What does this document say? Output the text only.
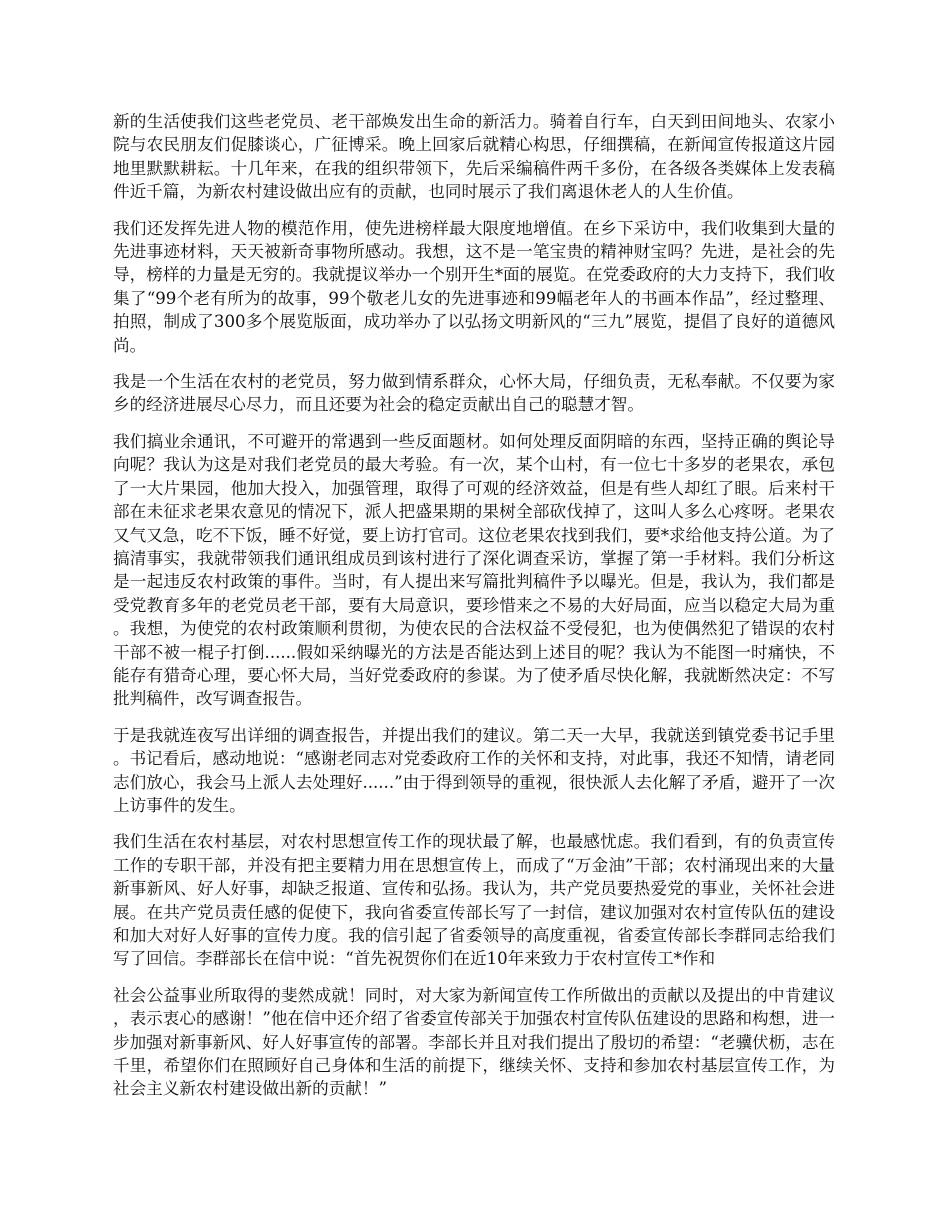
新的生活使我们这些老党员、老干部焕发出生命的新活力。骑着自行车，白天到田间地头、农家小院与农民朋友们促膝谈心，广征博采。晚上回家后就精心构思，仔细撰稿，在新闻宣传报道这片园地里默默耕耘。十几年来，在我的组织带领下，先后采编稿件两千多份，在各级各类媒体上发表稿件近千篇，为新农村建设做出应有的贡献，也同时展示了我们离退休老人的人生价值。

我们还发挥先进人物的模范作用，使先进榜样最大限度地增值。在乡下采访中，我们收集到大量的先进事迹材料，天天被新奇事物所感动。我想，这不是一笔宝贵的精神财宝吗？先进，是社会的先导，榜样的力量是无穷的。我就提议举办一个别开生*面的展览。在党委政府的大力支持下，我们收集了“99个老有所为的故事，99个敬老儿女的先进事迹和99幅老年人的书画本作品”，经过整理、拍照，制成了300多个展览版面，成功举办了以弘扬文明新风的“三九”展览，提倡了良好的道德风尚。

我是一个生活在农村的老党员，努力做到情系群众，心怀大局，仔细负责，无私奉献。不仅要为家乡的经济进展尽心尽力，而且还要为社会的稳定贡献出自己的聪慧才智。

我们搞业余通讯，不可避开的常遇到一些反面题材。如何处理反面阴暗的东西，坚持正确的舆论导向呢？我认为这是对我们老党员的最大考验。有一次，某个山村，有一位七十多岁的老果农，承包了一大片果园，他加大投入，加强管理，取得了可观的经济效益，但是有些人却红了眼。后来村干部在未征求老果农意见的情况下，派人把盛果期的果树全部砍伐掉了，这叫人多么心疼呀。老果农又气又急，吃不下饭，睡不好觉，要上访打官司。这位老果农找到我们，要*求给他支持公道。为了搞清事实，我就带领我们通讯组成员到该村进行了深化调查采访，掌握了第一手材料。我们分析这是一起违反农村政策的事件。当时，有人提出来写篇批判稿件予以曝光。但是，我认为，我们都是受党教育多年的老党员老干部，要有大局意识，要珍惜来之不易的大好局面，应当以稳定大局为重。我想，为使党的农村政策顺利贯彻，为使农民的合法权益不受侵犯，也为使偶然犯了错误的农村干部不被一棍子打倒......假如采纳曝光的方法是否能达到上述目的呢？我认为不能图一时痛快，不能存有猎奇心理，要心怀大局，当好党委政府的参谋。为了使矛盾尽快化解，我就断然决定：不写批判稿件，改写调查报告。

于是我就连夜写出详细的调查报告，并提出我们的建议。第二天一大早，我就送到镇党委书记手里。书记看后，感动地说：“感谢老同志对党委政府工作的关怀和支持，对此事，我还不知情，请老同志们放心，我会马上派人去处理好......”由于得到领导的重视，很快派人去化解了矛盾，避开了一次上访事件的发生。

我们生活在农村基层，对农村思想宣传工作的现状最了解，也最感忧虑。我们看到，有的负责宣传工作的专职干部，并没有把主要精力用在思想宣传上，而成了“万金油”干部；农村涌现出来的大量新事新风、好人好事，却缺乏报道、宣传和弘扬。我认为，共产党员要热爱党的事业，关怀社会进展。在共产党员责任感的促使下，我向省委宣传部长写了一封信，建议加强对农村宣传队伍的建设和加大对好人好事的宣传力度。我的信引起了省委领导的高度重视，省委宣传部长李群同志给我们写了回信。李群部长在信中说：“首先祝贺你们在近10年来致力于农村宣传工*作和

社会公益事业所取得的斐然成就！同时，对大家为新闻宣传工作所做出的贡献以及提出的中肯建议，表示衷心的感谢！”他在信中还介绍了省委宣传部关于加强农村宣传队伍建设的思路和构想，进一步加强对新事新风、好人好事宣传的部署。李部长并且对我们提出了殷切的希望：“老骥伏枥，志在千里，希望你们在照顾好自己身体和生活的前提下，继续关怀、支持和参加农村基层宣传工作，为社会主义新农村建设做出新的贡献！”
